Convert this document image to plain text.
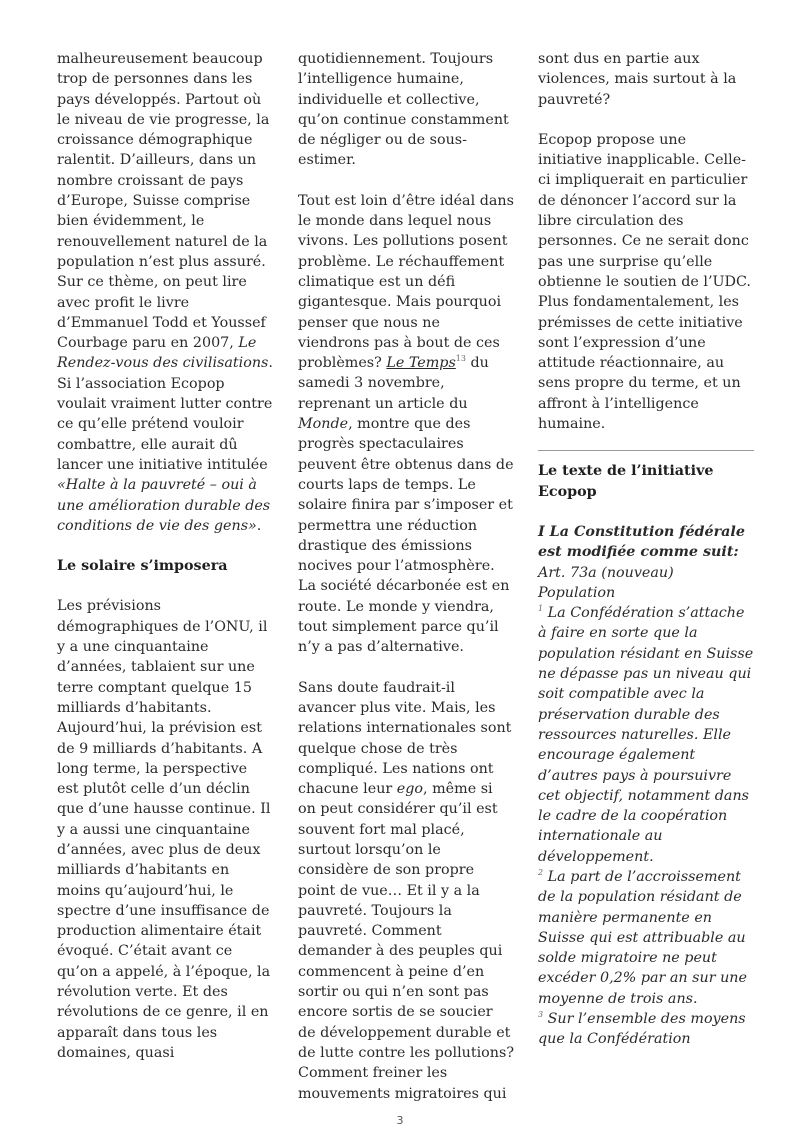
malheureusement beaucoup trop de personnes dans les pays développés. Partout où le niveau de vie progresse, la croissance démographique ralentit. D’ailleurs, dans un nombre croissant de pays d’Europe, Suisse comprise bien évidemment, le renouvellement naturel de la population n’est plus assuré. Sur ce thème, on peut lire avec profit le livre d’Emmanuel Todd et Youssef Courbage paru en 2007, Le Rendez-vous des civilisations. Si l’association Ecopop voulait vraiment lutter contre ce qu’elle prétend vouloir combattre, elle aurait dû lancer une initiative intitulée «Halte à la pauvreté – oui à une amélioration durable des conditions de vie des gens».

Le solaire s’imposera

Les prévisions démographiques de l’ONU, il y a une cinquantaine d’années, tablaient sur une terre comptant quelque 15 milliards d’habitants. Aujourd’hui, la prévision est de 9 milliards d’habitants. A long terme, la perspective est plutôt celle d’un déclin que d’une hausse continue. Il y a aussi une cinquantaine d’années, avec plus de deux milliards d’habitants en moins qu’aujourd’hui, le spectre d’une insuffisance de production alimentaire était évoqué. C’était avant ce qu’on a appelé, à l’époque, la révolution verte. Et des révolutions de ce genre, il en apparaît dans tous les domaines, quasi

quotidiennement. Toujours l’intelligence humaine, individuelle et collective, qu’on continue constamment de négliger ou de sous-estimer.

Tout est loin d’être idéal dans le monde dans lequel nous vivons. Les pollutions posent problème. Le réchauffement climatique est un défi gigantesque. Mais pourquoi penser que nous ne viendrons pas à bout de ces problèmes? Le Temps$^{13}$ du samedi 3 novembre, reprenant un article du Monde, montre que des progrès spectaculaires peuvent être obtenus dans de courts laps de temps. Le solaire finira par s’imposer et permettra une réduction drastique des émissions nocives pour l’atmosphère. La société décarbonée est en route. Le monde y viendra, tout simplement parce qu’il n’y a pas d’alternative.

Sans doute faudrait-il avancer plus vite. Mais, les relations internationales sont quelque chose de très compliqué. Les nations ont chacune leur ego, même si on peut considérer qu’il est souvent fort mal placé, surtout lorsqu’on le considère de son propre point de vue… Et il y a la pauvreté. Toujours la pauvreté. Comment demander à des peuples qui commencent à peine d’en sortir ou qui n’en sont pas encore sortis de se soucier de développement durable et de lutte contre les pollutions? Comment freiner les mouvements migratoires qui

sont dus en partie aux violences, mais surtout à la pauvreté?

Ecopop propose une initiative inapplicable. Celle-ci impliquerait en particulier de dénoncer l’accord sur la libre circulation des personnes. Ce ne serait donc pas une surprise qu’elle obtienne le soutien de l’UDC. Plus fondamentalement, les prémisses de cette initiative sont l’expression d’une attitude réactionnaire, au sens propre du terme, et un affront à l’intelligence humaine.

Le texte de l’initiative Ecopop

I La Constitution fédérale est modifiée comme suit:
Art. 73a (nouveau)
Population
$^1$ La Confédération s’attache à faire en sorte que la population résidant en Suisse ne dépasse pas un niveau qui soit compatible avec la préservation durable des ressources naturelles. Elle encourage également d’autres pays à poursuivre cet objectif, notamment dans le cadre de la coopération internationale au développement.
$^2$ La part de l’accroissement de la population résidant de manière permanente en Suisse qui est attribuable au solde migratoire ne peut excéder 0,2% par an sur une moyenne de trois ans.
$^3$ Sur l’ensemble des moyens que la Confédération
3
